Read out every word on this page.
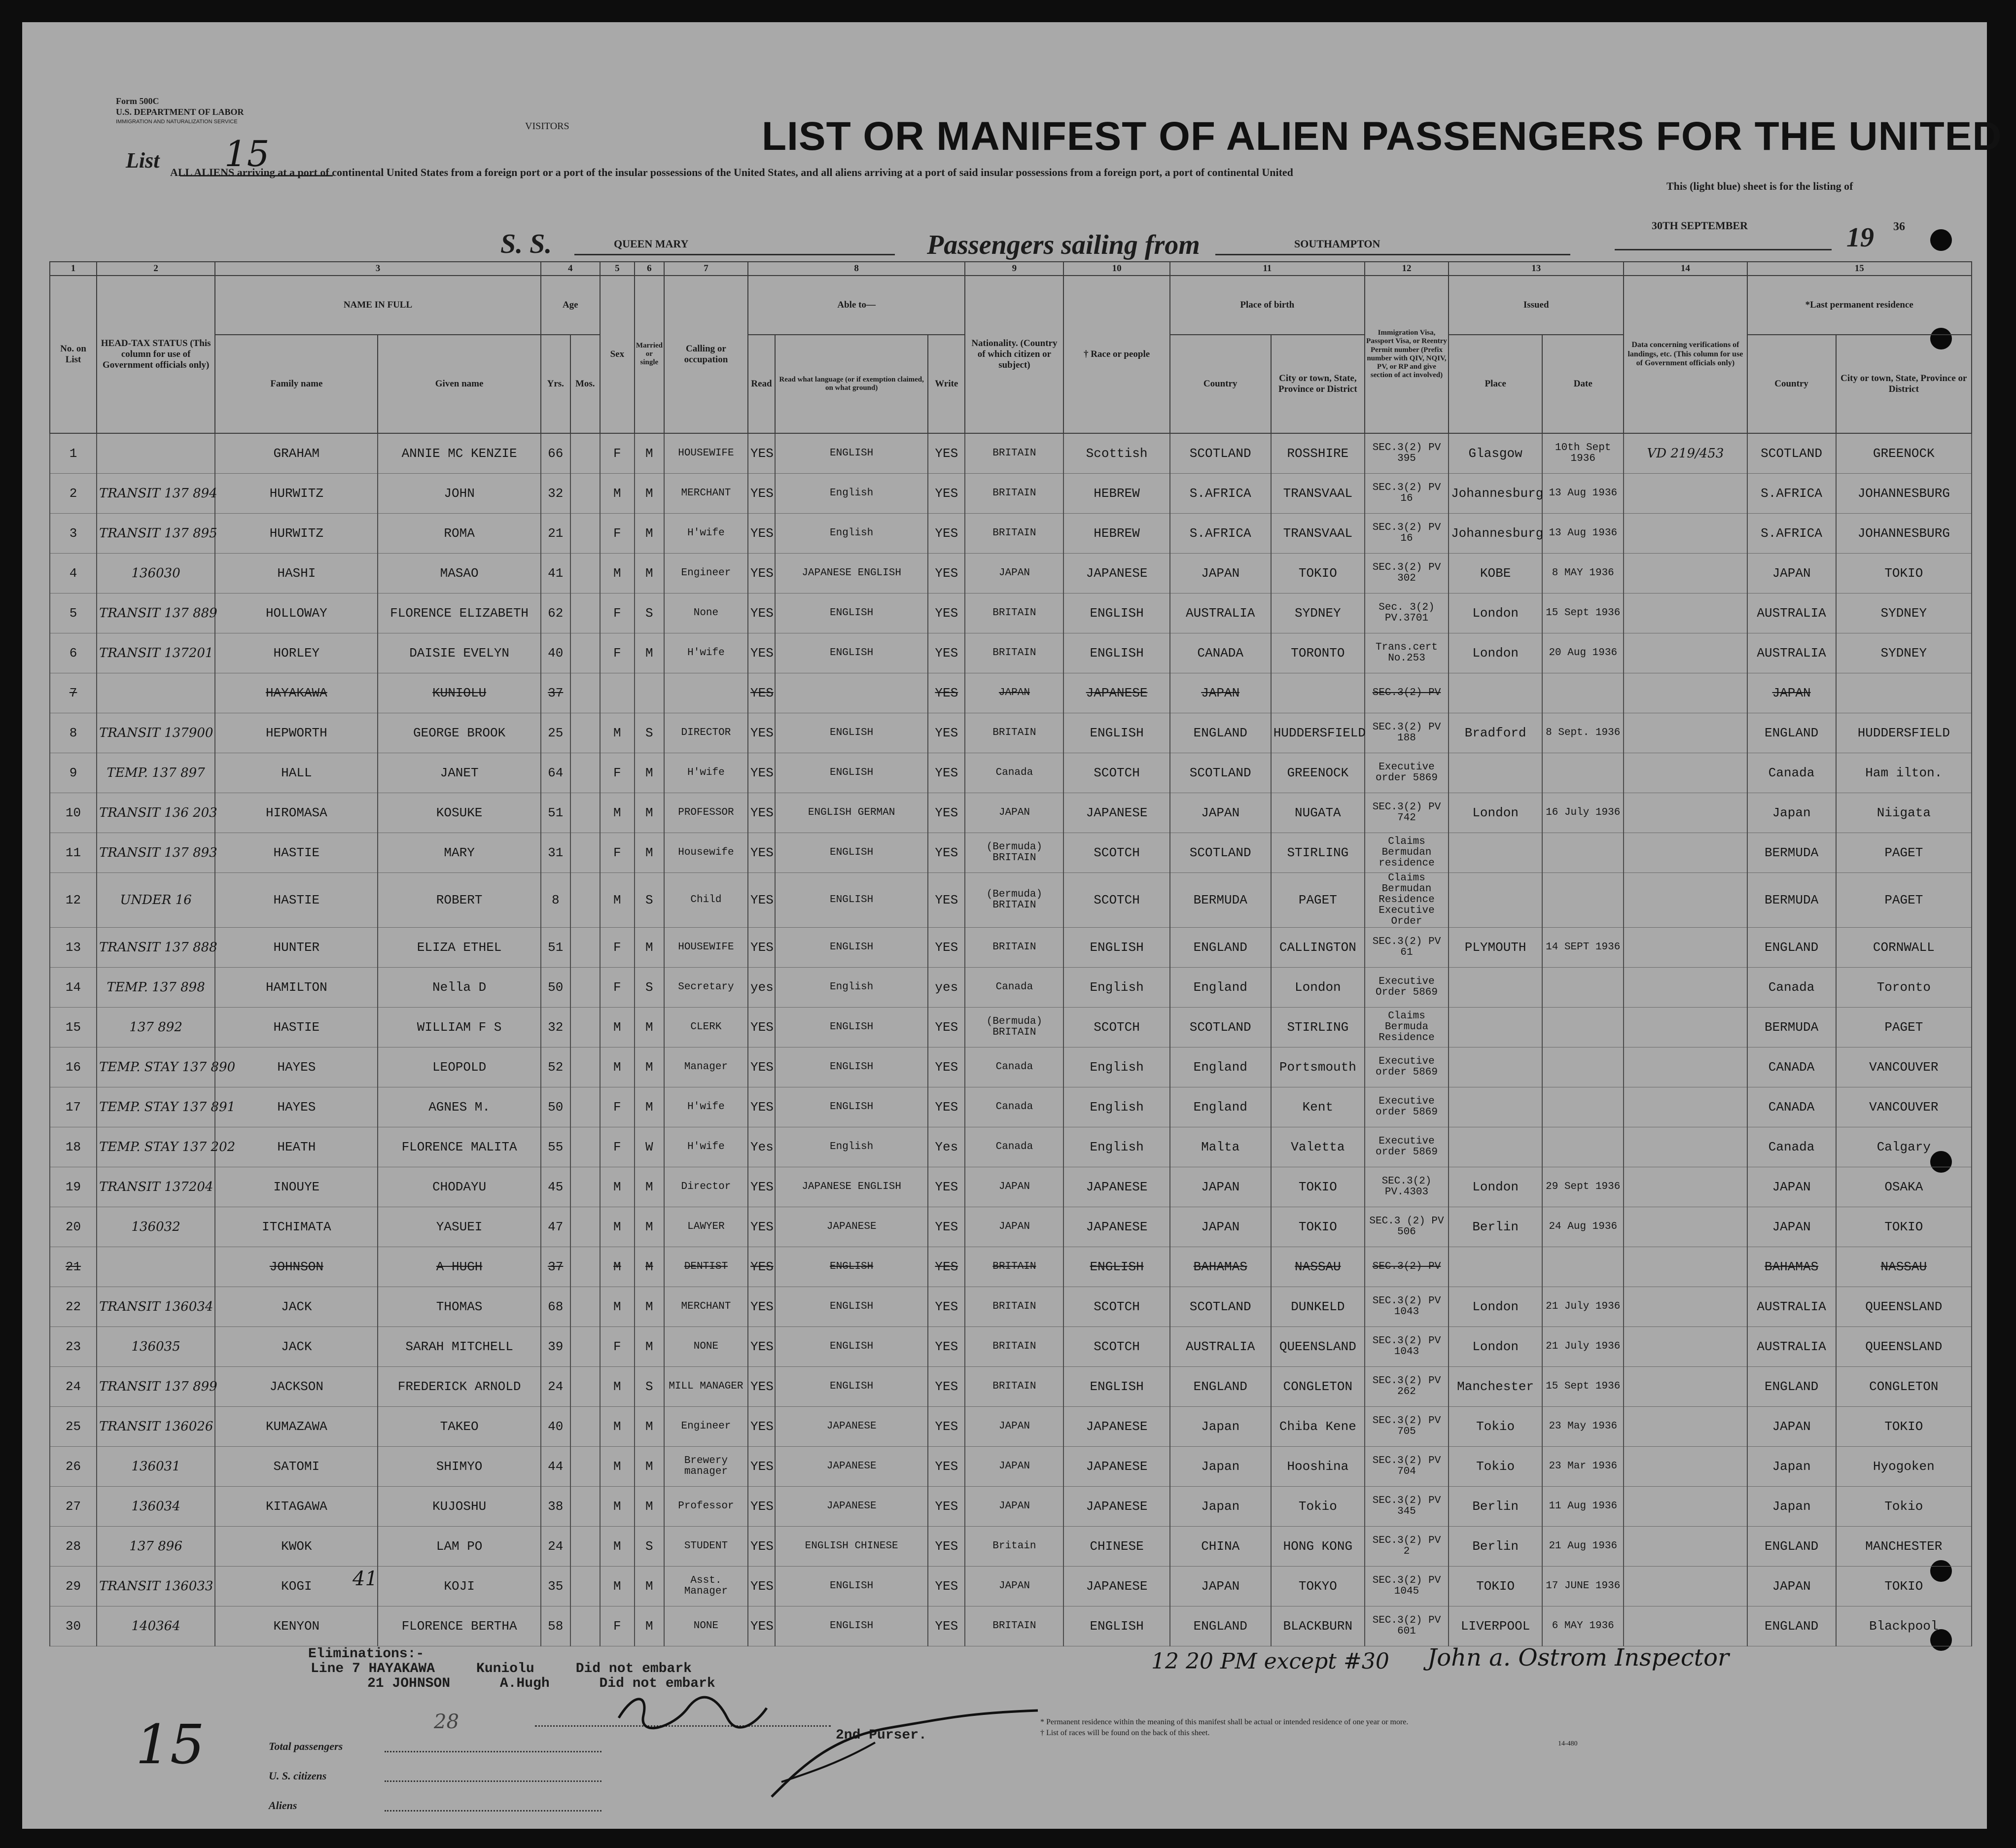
Form 500C
U.S. DEPARTMENT OF LABOR
IMMIGRATION AND NATURALIZATION SERVICE
List 15
VISITORS	LIST OR MANIFEST OF ALIEN PASSENGERS FOR THE UNITED
ALL ALIENS arriving at a port of continental United States from a foreign port or a port of the insular possessions of the United States, and all aliens arriving at a port of said insular possessions from a foreign port, a port of continental United
This (light blue) sheet is for the listing of
S. S.	QUEEN MARY	Passengers sailing from	SOUTHAMPTON
30TH SEPTEMBER	19 36
1	2	3		4		5	6	7	8			9	10	11		12	13		14	15	
No. on List	HEAD-TAX STATUS (This column for use of Government officials only)	NAME IN FULL		Age		Sex	Married or single	Calling or occupation	Able to—			Nationality. (Country of which citizen or subject)	† Race or people	Place of birth		Immigration Visa, Passport Visa, or Reentry Permit number (Prefix number with QIV, NQIV, PV, or RP and give section of act involved)	Issued		Data concerning verifications of landings, etc. (This column for use of Government officials only)	*Last permanent residence	
		Family name	Given name	Yrs.	Mos.				Read	Read what language (or if exemption claimed, on what ground)	Write			Country	City or town, State, Province or District		Place	Date		Country	City or town, State, Province or District
1		GRAHAM	ANNIE MC KENZIE	66		F	M	HOUSEWIFE	YES	ENGLISH	YES	BRITAIN	Scottish	SCOTLAND	ROSSHIRE	SEC.3(2) PV 395	Glasgow	10th Sept 1936	VD 219/453	SCOTLAND	GREENOCK
2	TRANSIT 137 894	HURWITZ	JOHN	32		M	M	MERCHANT	YES	English	YES	BRITAIN	HEBREW	S.AFRICA	TRANSVAAL	SEC.3(2) PV 16	Johannesburg	13 Aug 1936		S.AFRICA	JOHANNESBURG
3	TRANSIT 137 895	HURWITZ	ROMA	21		F	M	H'wife	YES	English	YES	BRITAIN	HEBREW	S.AFRICA	TRANSVAAL	SEC.3(2) PV 16	Johannesburg	13 Aug 1936		S.AFRICA	JOHANNESBURG
4	136030	HASHI	MASAO	41		M	M	Engineer	YES	JAPANESE ENGLISH	YES	JAPAN	JAPANESE	JAPAN	TOKIO	SEC.3(2) PV 302	KOBE	8 MAY 1936		JAPAN	TOKIO
5	TRANSIT 137 889	HOLLOWAY	FLORENCE ELIZABETH	62		F	S	None	YES	ENGLISH	YES	BRITAIN	ENGLISH	AUSTRALIA	SYDNEY	Sec. 3(2) PV.3701	London	15 Sept 1936		AUSTRALIA	SYDNEY
6	TRANSIT 137201	HORLEY	DAISIE EVELYN	40		F	M	H'wife	YES	ENGLISH	YES	BRITAIN	ENGLISH	CANADA	TORONTO	Trans.cert No.253	London	20 Aug 1936		AUSTRALIA	SYDNEY
7		HAYAKAWA	KUNIOLU	37					YES		YES	JAPAN	JAPANESE	JAPAN		SEC.3(2) PV				JAPAN	
8	TRANSIT 137900	HEPWORTH	GEORGE BROOK	25		M	S	DIRECTOR	YES	ENGLISH	YES	BRITAIN	ENGLISH	ENGLAND	HUDDERSFIELD	SEC.3(2) PV 188	Bradford	8 Sept. 1936		ENGLAND	HUDDERSFIELD
9	TEMP. 137 897	HALL	JANET	64		F	M	H'wife	YES	ENGLISH	YES	Canada	SCOTCH	SCOTLAND	GREENOCK	Executive order 5869				Canada	Ham ilton.
10	TRANSIT 136 203	HIROMASA	KOSUKE	51		M	M	PROFESSOR	YES	ENGLISH GERMAN	YES	JAPAN	JAPANESE	JAPAN	NUGATA	SEC.3(2) PV 742	London	16 July 1936		Japan	Niigata
11	TRANSIT 137 893	HASTIE	MARY	31		F	M	Housewife	YES	ENGLISH	YES	(Bermuda) BRITAIN	SCOTCH	SCOTLAND	STIRLING	Claims Bermudan residence				BERMUDA	PAGET
12	UNDER 16	HASTIE	ROBERT	8		M	S	Child	YES	ENGLISH	YES	(Bermuda) BRITAIN	SCOTCH	BERMUDA	PAGET	Claims Bermudan Residence Executive Order				BERMUDA	PAGET
13	TRANSIT 137 888	HUNTER	ELIZA ETHEL	51		F	M	HOUSEWIFE	YES	ENGLISH	YES	BRITAIN	ENGLISH	ENGLAND	CALLINGTON	SEC.3(2) PV 61	PLYMOUTH	14 SEPT 1936		ENGLAND	CORNWALL
14	TEMP. 137 898	HAMILTON	Nella D	50		F	S	Secretary	yes	English	yes	Canada	English	England	London	Executive Order 5869				Canada	Toronto
15	137 892	HASTIE	WILLIAM F S	32		M	M	CLERK	YES	ENGLISH	YES	(Bermuda) BRITAIN	SCOTCH	SCOTLAND	STIRLING	Claims Bermuda Residence				BERMUDA	PAGET
16	TEMP. STAY 137 890	HAYES	LEOPOLD	52		M	M	Manager	YES	ENGLISH	YES	Canada	English	England	Portsmouth	Executive order 5869				CANADA	VANCOUVER
17	TEMP. STAY 137 891	HAYES	AGNES M.	50		F	M	H'wife	YES	ENGLISH	YES	Canada	English	England	Kent	Executive order 5869				CANADA	VANCOUVER
18	TEMP. STAY 137 202	HEATH	FLORENCE MALITA	55		F	W	H'wife	Yes	English	Yes	Canada	English	Malta	Valetta	Executive order 5869				Canada	Calgary
19	TRANSIT 137204	INOUYE	CHODAYU	45		M	M	Director	YES	JAPANESE ENGLISH	YES	JAPAN	JAPANESE	JAPAN	TOKIO	SEC.3(2) PV.4303	London	29 Sept 1936		JAPAN	OSAKA
20	136032	ITCHIMATA	YASUEI	47		M	M	LAWYER	YES	JAPANESE	YES	JAPAN	JAPANESE	JAPAN	TOKIO	SEC.3 (2) PV 506	Berlin	24 Aug 1936		JAPAN	TOKIO
21		JOHNSON	A HUGH	37		M	M	DENTIST	YES	ENGLISH	YES	BRITAIN	ENGLISH	BAHAMAS	NASSAU	SEC.3(2) PV				BAHAMAS	NASSAU
22	TRANSIT 136034	JACK	THOMAS	68		M	M	MERCHANT	YES	ENGLISH	YES	BRITAIN	SCOTCH	SCOTLAND	DUNKELD	SEC.3(2) PV 1043	London	21 July 1936		AUSTRALIA	QUEENSLAND
23	136035	JACK	SARAH MITCHELL	39		F	M	NONE	YES	ENGLISH	YES	BRITAIN	SCOTCH	AUSTRALIA	QUEENSLAND	SEC.3(2) PV 1043	London	21 July 1936		AUSTRALIA	QUEENSLAND
24	TRANSIT 137 899	JACKSON	FREDERICK ARNOLD	24		M	S	MILL MANAGER	YES	ENGLISH	YES	BRITAIN	ENGLISH	ENGLAND	CONGLETON	SEC.3(2) PV 262	Manchester	15 Sept 1936		ENGLAND	CONGLETON
25	TRANSIT 136026	KUMAZAWA	TAKEO	40		M	M	Engineer	YES	JAPANESE	YES	JAPAN	JAPANESE	Japan	Chiba Kene	SEC.3(2) PV 705	Tokio	23 May 1936		JAPAN	TOKIO
26	136031	SATOMI	SHIMYO	44		M	M	Brewery manager	YES	JAPANESE	YES	JAPAN	JAPANESE	Japan	Hooshina	SEC.3(2) PV 704	Tokio	23 Mar 1936		Japan	Hyogoken
27	136034	KITAGAWA	KUJOSHU	38		M	M	Professor	YES	JAPANESE	YES	JAPAN	JAPANESE	Japan	Tokio	SEC.3(2) PV 345	Berlin	11 Aug 1936		Japan	Tokio
28	137 896	KWOK	LAM PO	24		M	S	STUDENT	YES	ENGLISH CHINESE	YES	Britain	CHINESE	CHINA	HONG KONG	SEC.3(2) PV 2	Berlin	21 Aug 1936		ENGLAND	MANCHESTER
29	TRANSIT 136033	KOGI	KOJI	35		M	M	Asst. Manager	YES	ENGLISH	YES	JAPAN	JAPANESE	JAPAN	TOKYO	SEC.3(2) PV 1045	TOKIO	17 JUNE 1936		JAPAN	TOKIO
30	140364	KENYON	FLORENCE BERTHA	58		F	M	NONE	YES	ENGLISH	YES	BRITAIN	ENGLISH	ENGLAND	BLACKBURN	SEC.3(2) PV 601	LIVERPOOL	6 MAY 1936		ENGLAND	Blackpool
Eliminations:-
Line 7 HAYAKAWA     Kuniolu     Did not embark
21 JOHNSON      A.Hugh      Did not embark
15	28
41
12 20 PM except #30 John a. Ostrom Inspector
2nd Purser.
Total passengers
U. S. citizens
Aliens
* Permanent residence within the meaning of this manifest shall be actual or intended residence of one year or more.
† List of races will be found on the back of this sheet.
14-480
